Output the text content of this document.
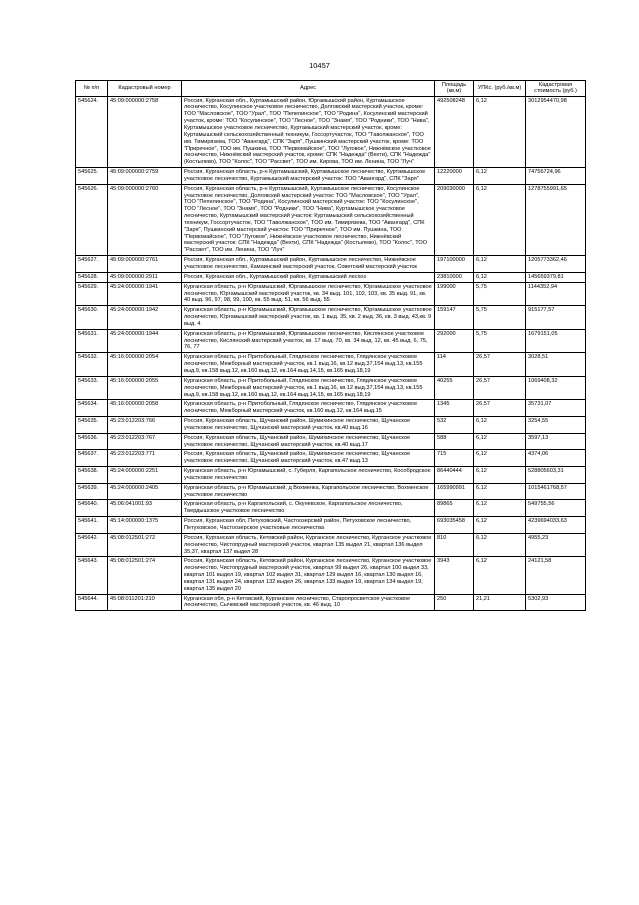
10457
№ п/п	Кадастровый номер	Адрес	Площадь (кв.м)	УПКс. (руб./кв.м)	Кадастровая стоимость (руб.)
545624.	45:09:000000:2758	Россия, Курганская обл., Куртамышский район, Юргамышский район, Куртамышское лесничество, Косулинское участковое лесничество, Долговский мастерский участок, кроме: ТОО "Масловское", ТОО "Урал", ТОО "Пепелинское", ТОО "Родина", Косулинский мастерский участок, кроме: ТОО "Косулинское", ТОО "Лесное", ТОО "Знамя", ТОО "Родники", ТОО "Нива", Куртамышское участковое лесничество, Куртамышский мастерский участок, кроме: Куртамышский сельскохозяйственный техникум, Госсортучасток, ТОО "Таволжанское", ТОО им. Тимирязева, ТОО "Авангард", СПК "Заря", Пушкинский мастерский участок, кроме: ТОО "Приречное", ТОО им. Пушкина, ТОО "Первомайское", ТОО "Луговое", Нижнёвское участковое лесничество, Нижнёвский мастерский участок, кроме: СПК "Надежда" (Вехти), СПК "Надежда" (Костылево), ТОО "Колос", ТОО "Рассвет", ТОО им. Кирова, ТОО им. Ленина, ТОО "Луч"	492508248	6,12	3012954470,98
545625.	45:09:000000:2759	Россия, Курганская область, р-н Куртамышский, Куртамышское лесничество, Куртамышское участковое лесничество, Куртамышский мастерский участок: ТОО "Авангард", СПК "Заря"	12220000	6,12	74756724,96
545626.	45:09:000000:2760	Россия, Курганская область, р-н Куртамышский, Куртамышское лесничество, Косулинское участковое лесничество, Долговский мастерский участок: ТОО "Масловское", ТОО "Урал", ТОО "Пепелинское", ТОО "Родина", Косулинский мастерский участок: ТОО "Косулинское", ТОО "Лесное", ТОО "Знамя", ТОО "Родники", ТОО "Нива", Куртамышское участковое лесничество, Куртамышский мастерский участок: Куртамышский сельскохозяйственный техникум, Госсортучасток, ТОО "Таволжанское", ТОО им. Тимирязева, ТОО "Авангард", СПК "Заря", Пушкинский мастерский участок: ТОО "Приречное", ТОО им. Пушкина, ТОО "Первомайское", ТОО "Луговое", Нижнёвское участковое лесничество, Нижнёвский мастерский участок: СПК "Надежда" (Вехти), СПК "Надежда" (Костылево), ТОО "Колос", ТОО "Рассвет", ТОО им. Ленина, ТОО "Луч"	209030000	6,12	1278755991,65
545627.	45:09:000000:2761	Россия, Курганская обл., Куртамышский район, Куртамышское лесничество, Нижнёвское участковое лесничество, Камаинский мастерский участок, Советский мастерский участок	197100000	6,12	1205773362,46
545628.	45:09:000000:2911	Россия, Курганская обл., Куртамышский район, Куртамышский лесхоз	23810000	6,12	145659379,81
545629.	45:24:000000:1941	Курганская область, р-н Юргамышский, Юргамышское лесничество, Юргамышское участковое лесничество, Юргамышский мастерский участок, кв. 34 выд. 101, 102, 103, кв. 35 выд. 91, кв. 40 выд. 96, 97, 98, 99, 100, кв. 55 выд. 51, кв. 56 выд. 55	199000	5,75	1144352,94
545630.	45:24:000000:1942	Курганская область, р-н Юргамышский, Юргамышское лесничество, Юргамышское участковое лесничество, Юргамышский мастерский участок, кв. 1 выд. 35, кв. 2 выд. 36, кв. 3 выд. 43,кв. 9 выд. 4	159147	5,75	915177,57
545631.	45:24:000000:1944	Курганская область, р-н Юргамышский, Юргамышское лесничество, Кислянское участковое лесничество, Кислянский мастерский участок, кв. 17 выд. 70, кв. 34 выд. 12, кв. 45 выд. 6, 75, 76, 77	292000	5,75	1679151,05
545632.	45:16:000000:2054	Курганская область, р-н Притобольный, Глядянское лесничество, Глядянское участковое лесничество, Межборный мастерский участок, кв.1 выд.16, кв.12 выд.37,154 выд.13, кв.155 выд.9, кв.158 выд.12, кв.160 выд.12, кв.164 выд.14,15, кв.165 выд.18,19	114	26,57	3028,51
545633.	45:16:000000:2055	Курганская область, р-н Притобольный, Глядянское лесничество, Глядянское участковое лесничество, Межборный мастерский участок, кв.1 выд.16, кв.12 выд.37,154 выд.13, кв.155 выд.9, кв.158 выд.12, кв.160 выд.12, кв.164 выд.14,15, кв.165 выд.18,19	40255	26,57	1069408,32
545634.	45:16:000000:2058	Курганская область, р-н Притобольный, Глядянское лесничество, Глядянское участковое лесничество, Межборный мастерский участок, кв.160 выд.12, кв.164 выд.15	1345	26,57	35731,07
545635.	45:23:012203:766	Россия, Курганская область, Щучанский район, Шумихинское лесничество, Щучанское участковое лесничество, Щучанский мастерский участок, кв.40 выд.16	532	6,12	3254,55
545636.	45:23:012203:767	Россия, Курганская область, Щучанский район, Шумихинское лесничество, Щучанское участковое лесничество, Щучанский мастерский участок, кв.40 выд.17	588	6,12	3597,13
545637.	45:23:012203:771	Россия, Курганская область, Щучанский район, Шумихинское лесничество, Щучанское участковое лесничество, Щучанский мастерский участок, кв.47 выд.13	715	6,12	4374,06
545638.	45:24:000000:2251	Курганская область, р-н Юргамышский, с. Губерля, Каргапольское лесничество, Кособродское участковое лесничество	86440444	6,12	528805603,31
545639.	45:24:000000:2405	Курганская область, р-н Юргамышский, д Вохменка, Каргапольское лесничество, Вохменское участковое лесничество	165990991	6,12	1015461768,57
545640.	45:06:041001:93	Курганская область, р-н Каргапольский, с. Окуневское, Каргапольское лесничество, Твердышское участковое лесничество	89865	6,12	549755,56
545641.	45:14:000000:1375	Россия, Курганская обл, Петуховский, Частоозерский район, Петуховское лесничество, Петуховское, Частоозерское участковые лесничества	693035458	6,12	4239694033,63
545642.	45:08:012501:272	Россия, Курганская область, Кетовский район, Курганское лесничество, Курганское участковое лесничество, Чистопрудный мастерский участок, квартал 135 выдел 21, квартал 136 выдел 35,37, квартал 137 выдел 28	810	6,12	4955,23
545643.	45:08:012501:274	Россия, Курганская область, Кетовский район, Курганское лесничество, Курганское участковое лесничество, Чистопрудный мастерский участок, квартал 99 выдел 26, квартал 100 выдел 33, квартал 101 выдел 19, квартал 102 выдел 31, квартал 129 выдел 16, квартал 130 выдел 16, квартал 131 выдел 24, квартал 132 выдел 26, квартал 133 выдел 19, квартал 134 выдел 19, квартал 135 выдел 20	3943	6,12	24121,58
545644.	45:08:011201:210	Курганская обл, р-н Кетовский, Курганское лесничество, Старопросветское участковое лесничество, Сычевский мастерский участок, кв. 46 выд. 10	250	21,21	5302,93
